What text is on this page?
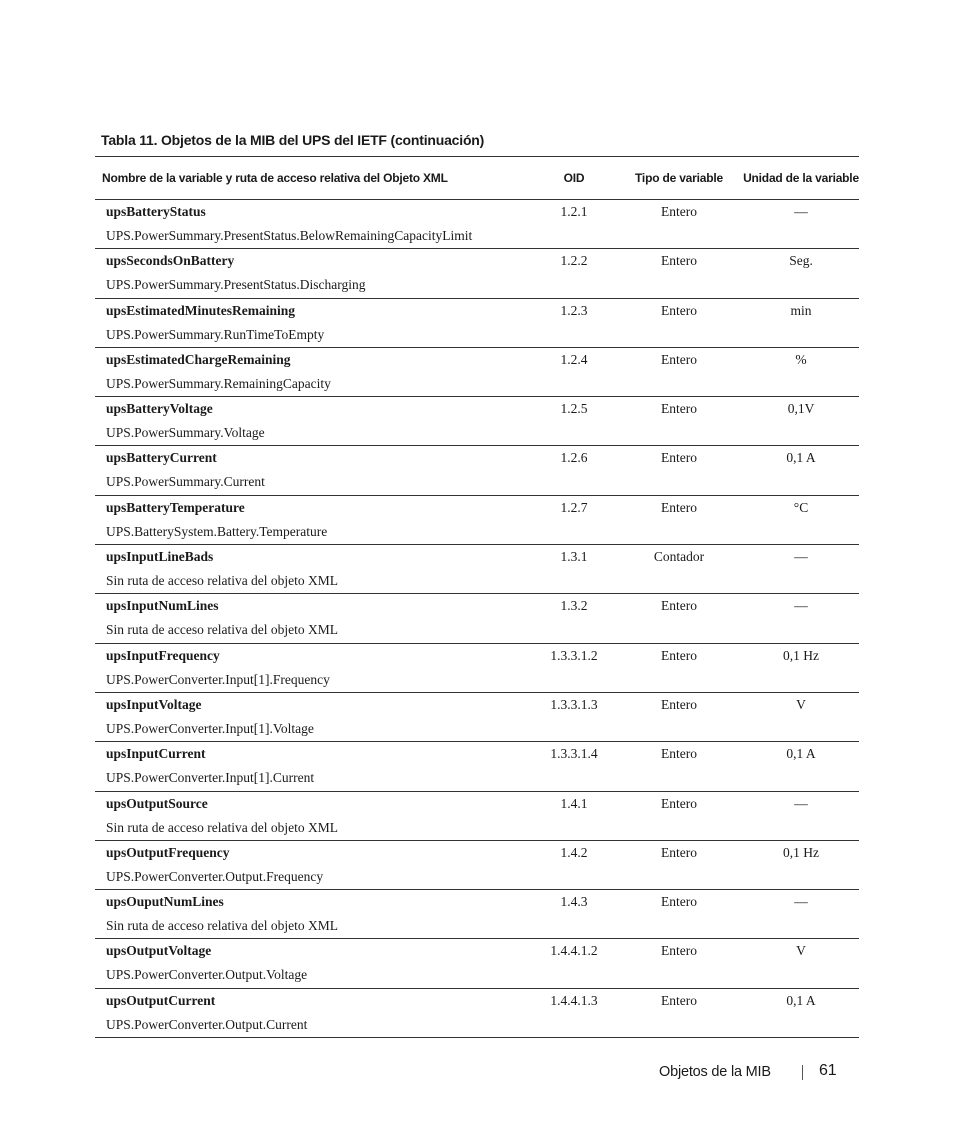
Tabla 11. Objetos de la MIB del UPS del IETF (continuación)
Nombre de la variable y ruta de acceso relativa del Objeto XML	OID	Tipo de variable	Unidad de la variable

upsBatteryStatus
UPS.PowerSummary.PresentStatus.BelowRemainingCapacityLimit	1.2.1	Entero	—

upsSecondsOnBattery
UPS.PowerSummary.PresentStatus.Discharging	1.2.2	Entero	Seg.

upsEstimatedMinutesRemaining
UPS.PowerSummary.RunTimeToEmpty	1.2.3	Entero	min

upsEstimatedChargeRemaining
UPS.PowerSummary.RemainingCapacity	1.2.4	Entero	%

upsBatteryVoltage
UPS.PowerSummary.Voltage	1.2.5	Entero	0,1V

upsBatteryCurrent
UPS.PowerSummary.Current	1.2.6	Entero	0,1 A

upsBatteryTemperature
UPS.BatterySystem.Battery.Temperature	1.2.7	Entero	°C

upsInputLineBads
Sin ruta de acceso relativa del objeto XML	1.3.1	Contador	—

upsInputNumLines
Sin ruta de acceso relativa del objeto XML	1.3.2	Entero	—

upsInputFrequency
UPS.PowerConverter.Input[1].Frequency	1.3.3.1.2	Entero	0,1 Hz

upsInputVoltage
UPS.PowerConverter.Input[1].Voltage	1.3.3.1.3	Entero	V

upsInputCurrent
UPS.PowerConverter.Input[1].Current	1.3.3.1.4	Entero	0,1 A

upsOutputSource
Sin ruta de acceso relativa del objeto XML	1.4.1	Entero	—

upsOutputFrequency
UPS.PowerConverter.Output.Frequency	1.4.2	Entero	0,1 Hz

upsOuputNumLines
Sin ruta de acceso relativa del objeto XML	1.4.3	Entero	—

upsOutputVoltage
UPS.PowerConverter.Output.Voltage	1.4.4.1.2	Entero	V

upsOutputCurrent
UPS.PowerConverter.Output.Current	1.4.4.1.3	Entero	0,1 A
Objetos de la MIB	61
